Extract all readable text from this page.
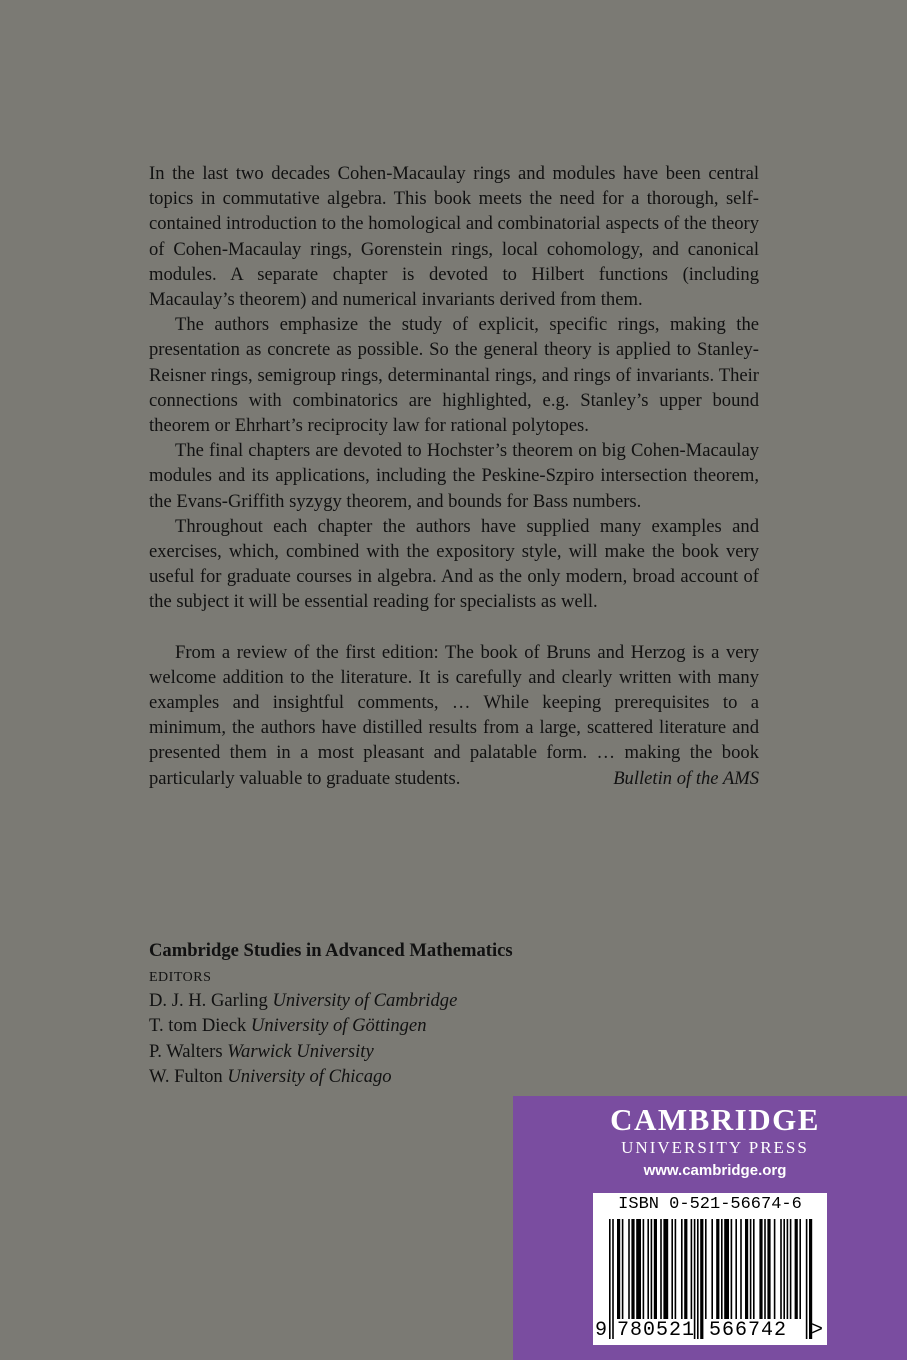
In the last two decades Cohen-Macaulay rings and modules have been central topics in commutative algebra. This book meets the need for a thorough, self-contained introduction to the homological and combinatorial aspects of the theory of Cohen-Macaulay rings, Gorenstein rings, local cohomology, and canonical modules. A separate chapter is devoted to Hilbert functions (including Macaulay’s theorem) and numerical invariants derived from them.

The authors emphasize the study of explicit, specific rings, making the presentation as concrete as possible. So the general theory is applied to Stanley-Reisner rings, semigroup rings, determinantal rings, and rings of invariants. Their connections with combinatorics are highlighted, e.g. Stanley’s upper bound theorem or Ehrhart’s reciprocity law for rational polytopes.

The final chapters are devoted to Hochster’s theorem on big Cohen-Macaulay modules and its applications, including the Peskine-Szpiro intersection theorem, the Evans-Griffith syzygy theorem, and bounds for Bass numbers.

Throughout each chapter the authors have supplied many examples and exercises, which, combined with the expository style, will make the book very useful for graduate courses in algebra. And as the only modern, broad account of the subject it will be essential reading for specialists as well.

From a review of the first edition: The book of Bruns and Herzog is a very welcome addition to the literature. It is carefully and clearly written with many examples and insightful comments, … While keeping prerequisites to a minimum, the authors have distilled results from a large, scattered literature and presented them in a most pleasant and palatable form. … making the book particularly valuable to graduate students.	Bulletin of the AMS
Cambridge Studies in Advanced Mathematics
EDITORS
D. J. H. Garling University of Cambridge
T. tom Dieck University of Göttingen
P. Walters Warwick University
W. Fulton University of Chicago
CAMBRIDGE
UNIVERSITY PRESS
www.cambridge.org
ISBN 0-521-56674-6
9 780521 566742 >
